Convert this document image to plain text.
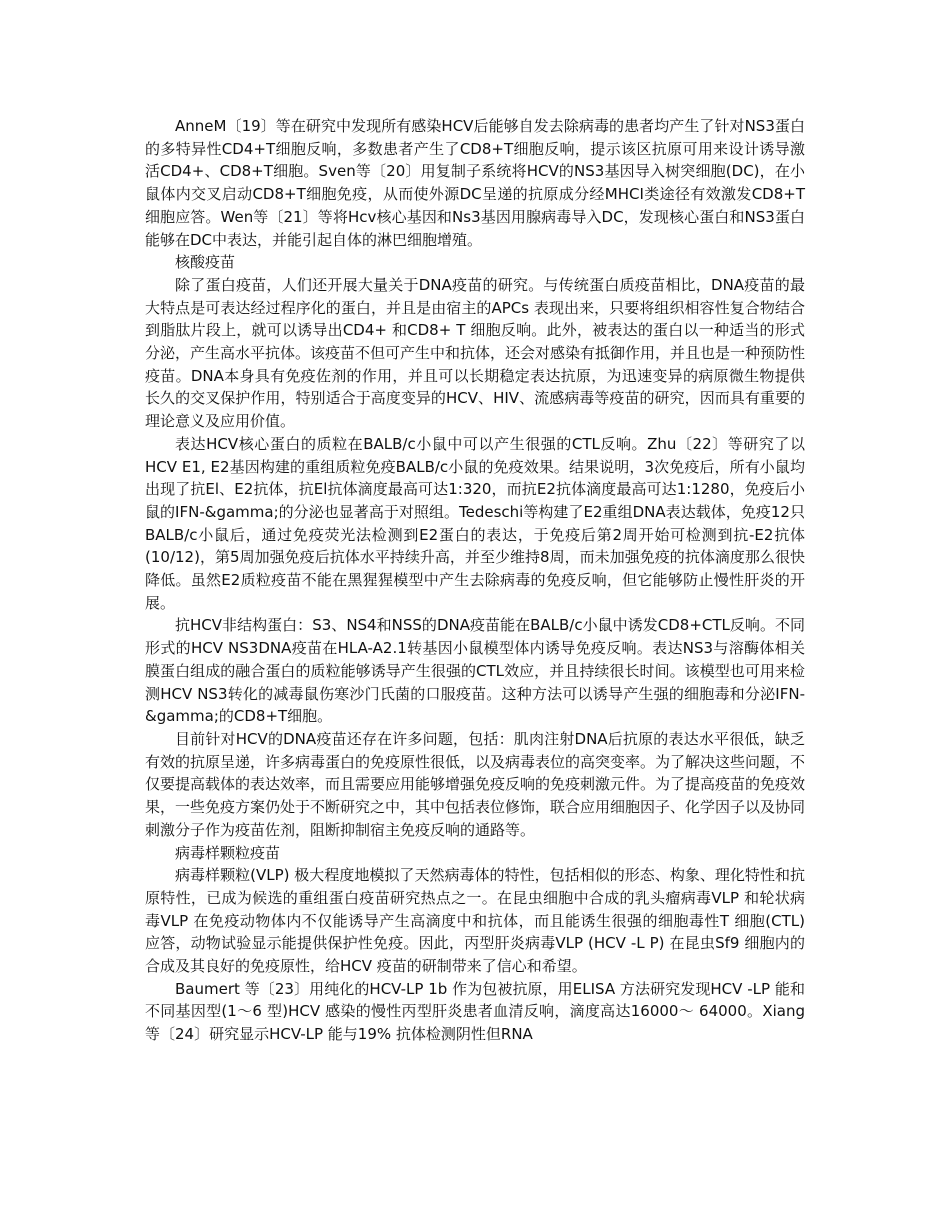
AnneM〔19〕等在研究中发现所有感染HCV后能够自发去除病毒的患者均产生了针对NS3蛋白的多特异性CD4+T细胞反响，多数患者产生了CD8+T细胞反响，提示该区抗原可用来设计诱导激活CD4+、CD8+T细胞。Sven等〔20〕用复制子系统将HCV的NS3基因导入树突细胞(DC)，在小鼠体内交叉启动CD8+T细胞免疫，从而使外源DC呈递的抗原成分经MHCI类途径有效激发CD8+T细胞应答。Wen等〔21〕等将Hcv核心基因和Ns3基因用腺病毒导入DC，发现核心蛋白和NS3蛋白能够在DC中表达，并能引起自体的淋巴细胞增殖。

核酸疫苗

除了蛋白疫苗，人们还开展大量关于DNA疫苗的研究。与传统蛋白质疫苗相比，DNA疫苗的最大特点是可表达经过程序化的蛋白，并且是由宿主的APCs 表现出来，只要将组织相容性复合物结合到脂肽片段上，就可以诱导出CD4+ 和CD8+ T 细胞反响。此外，被表达的蛋白以一种适当的形式分泌，产生高水平抗体。该疫苗不但可产生中和抗体，还会对感染有抵御作用，并且也是一种预防性疫苗。DNA本身具有免疫佐剂的作用，并且可以长期稳定表达抗原，为迅速变异的病原微生物提供长久的交叉保护作用，特别适合于高度变异的HCV、HIV、流感病毒等疫苗的研究，因而具有重要的理论意义及应用价值。

表达HCV核心蛋白的质粒在BALB/c小鼠中可以产生很强的CTL反响。Zhu〔22〕等研究了以HCV E1, E2基因构建的重组质粒免疫BALB/c小鼠的免疫效果。结果说明，3次免疫后，所有小鼠均出现了抗El、E2抗体，抗El抗体滴度最高可达1:320，而抗E2抗体滴度最高可达1:1280，免疫后小鼠的IFN-&gamma;的分泌也显著高于对照组。Tedeschi等构建了E2重组DNA表达载体，免疫12只BALB/c小鼠后，通过免疫荧光法检测到E2蛋白的表达，于免疫后第2周开始可检测到抗-E2抗体(10/12)，第5周加强免疫后抗体水平持续升高，并至少维持8周，而未加强免疫的抗体滴度那么很快降低。虽然E2质粒疫苗不能在黑猩猩模型中产生去除病毒的免疫反响，但它能够防止慢性肝炎的开展。

抗HCV非结构蛋白：S3、NS4和NSS的DNA疫苗能在BALB/c小鼠中诱发CD8+CTL反响。不同形式的HCV NS3DNA疫苗在HLA-A2.1转基因小鼠模型体内诱导免疫反响。表达NS3与溶酶体相关膜蛋白组成的融合蛋白的质粒能够诱导产生很强的CTL效应，并且持续很长时间。该模型也可用来检测HCV NS3转化的减毒鼠伤寒沙门氏菌的口服疫苗。这种方法可以诱导产生强的细胞毒和分泌IFN-&gamma;的CD8+T细胞。

目前针对HCV的DNA疫苗还存在许多问题，包括：肌肉注射DNA后抗原的表达水平很低，缺乏有效的抗原呈递，许多病毒蛋白的免疫原性很低，以及病毒表位的高突变率。为了解决这些问题，不仅要提高载体的表达效率，而且需要应用能够增强免疫反响的免疫刺激元件。为了提高疫苗的免疫效果，一些免疫方案仍处于不断研究之中，其中包括表位修饰，联合应用细胞因子、化学因子以及协同刺激分子作为疫苗佐剂，阻断抑制宿主免疫反响的通路等。

病毒样颗粒疫苗

病毒样颗粒(VLP) 极大程度地模拟了天然病毒体的特性，包括相似的形态、构象、理化特性和抗原特性，已成为候选的重组蛋白疫苗研究热点之一。在昆虫细胞中合成的乳头瘤病毒VLP 和轮状病毒VLP 在免疫动物体内不仅能诱导产生高滴度中和抗体，而且能诱生很强的细胞毒性T 细胞(CTL) 应答，动物试验显示能提供保护性免疫。因此，丙型肝炎病毒VLP (HCV -L P) 在昆虫Sf9 细胞内的合成及其良好的免疫原性，给HCV 疫苗的研制带来了信心和希望。

Baumert 等〔23〕用纯化的HCV-LP 1b 作为包被抗原，用ELISA 方法研究发现HCV -LP 能和不同基因型(1～6 型)HCV 感染的慢性丙型肝炎患者血清反响，滴度高达16000～ 64000。Xiang 等〔24〕研究显示HCV-LP 能与19% 抗体检测阴性但RNA
